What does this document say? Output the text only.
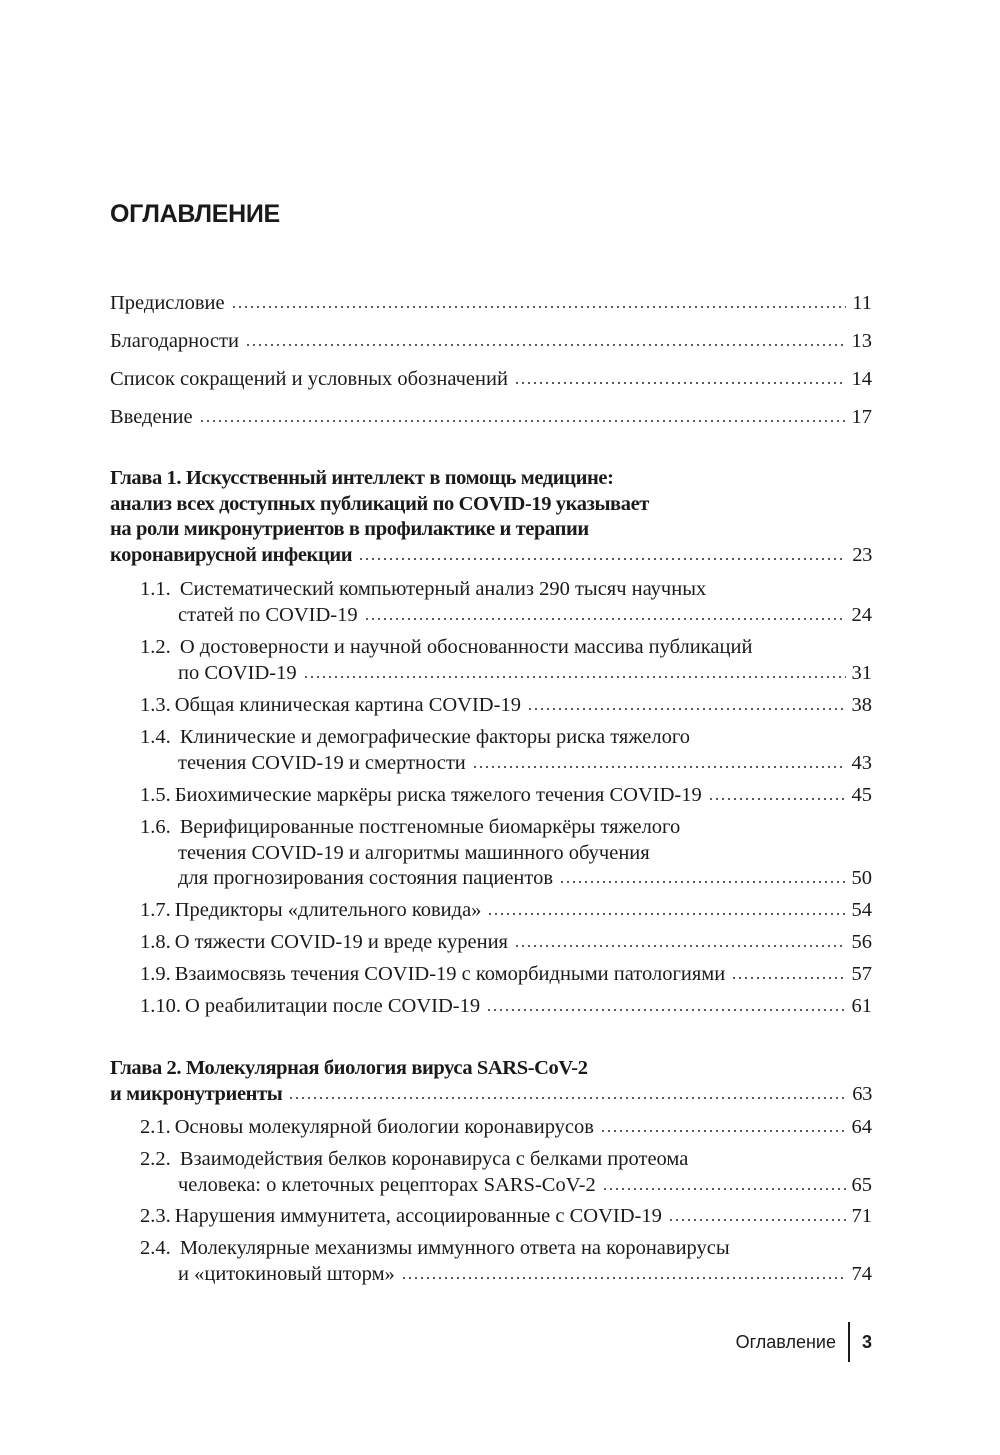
ОГЛАВЛЕНИЕ
Предисловие	11
Благодарности	13
Список сокращений и условных обозначений	14
Введение	17
Глава 1. Искусственный интеллект в помощь медицине:
анализ всех доступных публикаций по COVID-19 указывает
на роли микронутриентов в профилактике и терапии
коронавирусной инфекции	23
1.1. Систематический компьютерный анализ 290 тысяч научных
статей по COVID-19	24
1.2. О достоверности и научной обоснованности массива публикаций
по COVID-19	31
1.3. Общая клиническая картина COVID-19	38
1.4. Клинические и демографические факторы риска тяжелого
течения COVID-19 и смертности	43
1.5. Биохимические маркёры риска тяжелого течения COVID-19	45
1.6. Верифицированные постгеномные биомаркёры тяжелого
течения COVID-19 и алгоритмы машинного обучения
для прогнозирования состояния пациентов	50
1.7. Предикторы «длительного ковида»	54
1.8. О тяжести COVID-19 и вреде курения	56
1.9. Взаимосвязь течения COVID-19 с коморбидными патологиями	57
1.10. О реабилитации после COVID-19	61
Глава 2. Молекулярная биология вируса SARS-CoV-2
и микронутриенты	63
2.1. Основы молекулярной биологии коронавирусов	64
2.2. Взаимодействия белков коронавируса с белками протеома
человека: о клеточных рецепторах SARS-CoV-2	65
2.3. Нарушения иммунитета, ассоциированные с COVID-19	71
2.4. Молекулярные механизмы иммунного ответа на коронавирусы
и «цитокиновый шторм»	74
Оглавление 3
